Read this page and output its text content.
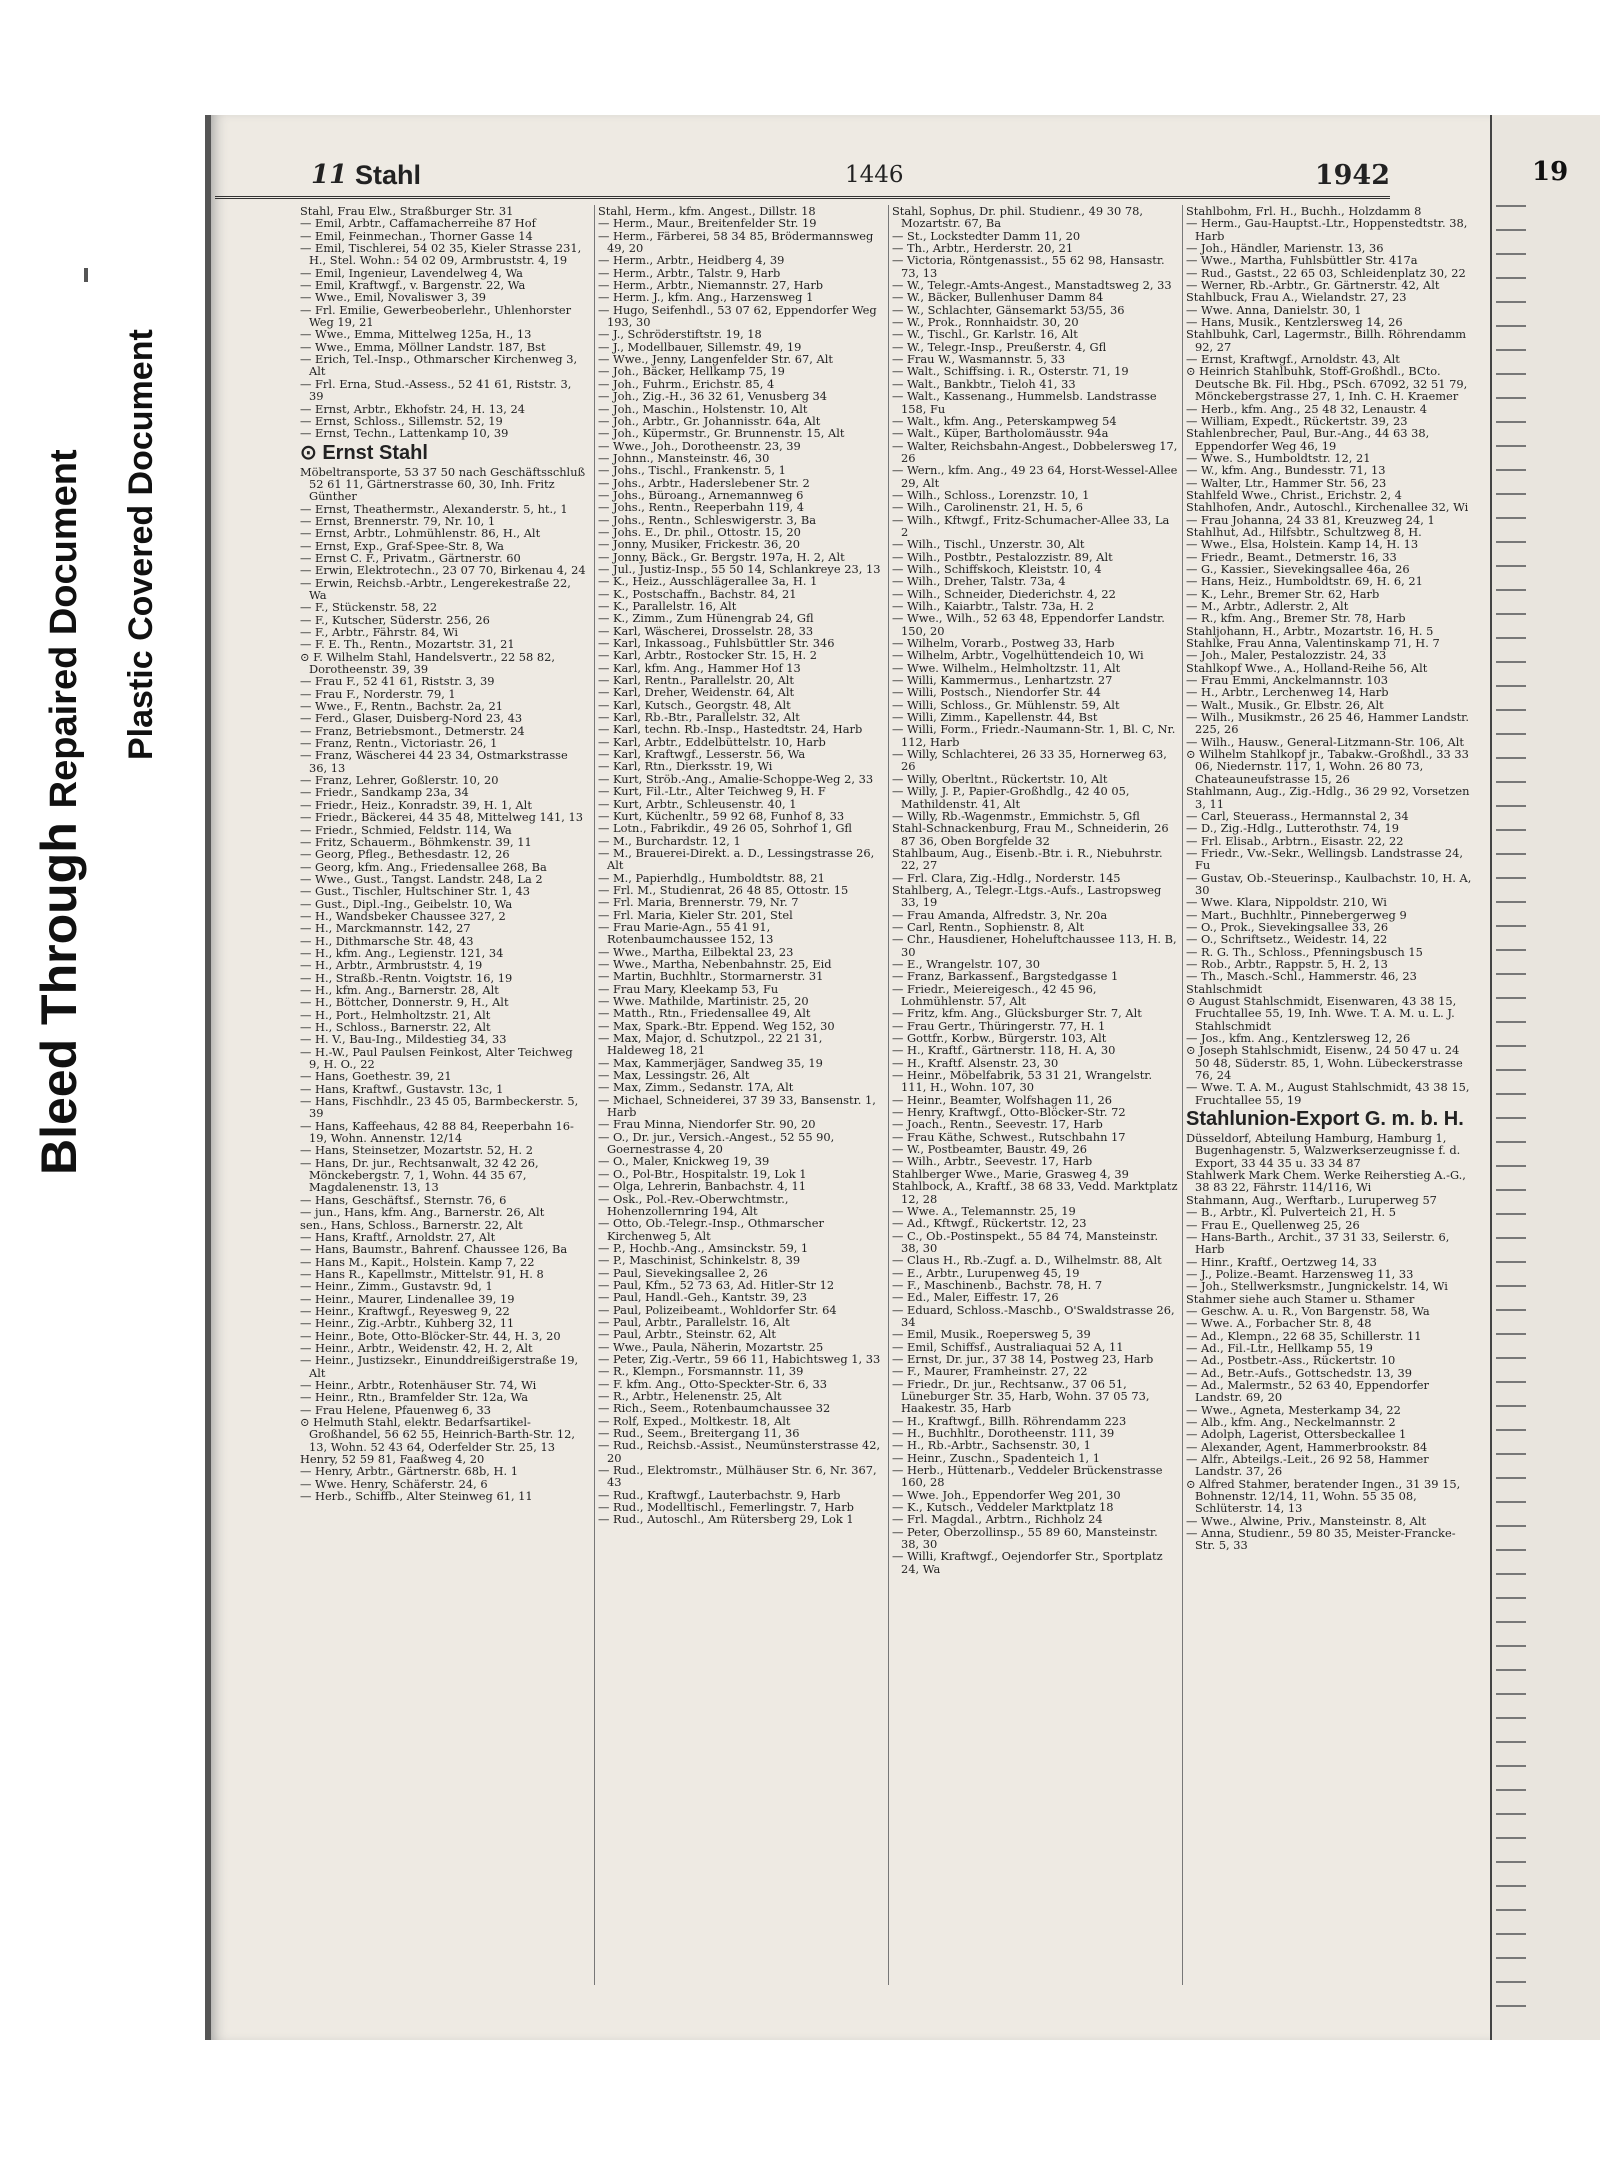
Bleed Through Repaired Document Plastic Covered Document
19
11 Stahl	1446	1942

Stahl, Frau Elw., Straßburger Str. 31

— Emil, Arbtr., Caffamacherreihe 87 Hof

— Emil, Feinmechan., Thorner Gasse 14

— Emil, Tischlerei, 54 02 35, Kieler Strasse 231, H., Stel. Wohn.: 54 02 09, Armbruststr. 4, 19

— Emil, Ingenieur, Lavendelweg 4, Wa

— Emil, Kraftwgf., v. Bargenstr. 22, Wa

— Wwe., Emil, Novaliswег 3, 39

— Frl. Emilie, Gewerbeoberlehr., Uhlenhorster Weg 19, 21

— Wwe., Emma, Mittelweg 125a, H., 13

— Wwe., Emma, Möllner Landstr. 187, Bst

— Erich, Tel.-Insp., Othmarscher Kirchenweg 3, Alt

— Frl. Erna, Stud.-Assess., 52 41 61, Riststr. 3, 39

— Ernst, Arbtr., Ekhofstr. 24, H. 13, 24

— Ernst, Schloss., Sillemstr. 52, 19

— Ernst, Techn., Lattenkamp 10, 39

⊙ Ernst Stahl

Möbeltransporte, 53 37 50 nach Geschäftsschluß 52 61 11, Gärtnerstrasse 60, 30, Inh. Fritz Günther

— Ernst, Theathermstr., Alexanderstr. 5, ht., 1

— Ernst, Brennerstr. 79, Nr. 10, 1

— Ernst, Arbtr., Lohmühlenstr. 86, H., Alt

— Ernst, Exp., Graf-Spee-Str. 8, Wa

— Ernst C. F., Privatm., Gärtnerstr. 60

— Erwin, Elektrotechn., 23 07 70, Birkenau 4, 24

— Erwin, Reichsb.-Arbtr., Lengerekestraße 22, Wa

— F., Stückenstr. 58, 22

— F., Kutscher, Süderstr. 256, 26

— F., Arbtr., Fährstr. 84, Wi

— F. E. Th., Rentn., Mozartstr. 31, 21

⊙ F. Wilhelm Stahl, Handelsvertr., 22 58 82, Dorotheenstr. 39, 39

— Frau F., 52 41 61, Riststr. 3, 39

— Frau F., Norderstr. 79, 1

— Wwe., F., Rentn., Bachstr. 2a, 21

— Ferd., Glaser, Duisberg-Nord 23, 43

— Franz, Betriebsmont., Detmerstr. 24

— Franz, Rentn., Victoriastr. 26, 1

— Franz, Wäscherei 44 23 34, Ostmarkstrasse 36, 13

— Franz, Lehrer, Goßlerstr. 10, 20

— Friedr., Sandkamp 23a, 34

— Friedr., Heiz., Konradstr. 39, H. 1, Alt

— Friedr., Bäckerei, 44 35 48, Mittelweg 141, 13

— Friedr., Schmied, Feldstr. 114, Wa

— Fritz, Schauerm., Böhmkenstr. 39, 11

— Georg, Pfleg., Bethesdastr. 12, 26

— Georg, kfm. Ang., Friedensallee 268, Ba

— Wwe., Gust., Tangst. Landstr. 248, La 2

— Gust., Tischler, Hultschiner Str. 1, 43

— Gust., Dipl.-Ing., Geibelstr. 10, Wa

— H., Wandsbeker Chaussee 327, 2

— H., Marckmannstr. 142, 27

— H., Dithmarsche Str. 48, 43

— H., kfm. Ang., Legienstr. 121, 34

— H., Arbtr., Armbruststr. 4, 19

— H., Straßb.-Rentn. Voigtstr. 16, 19

— H., kfm. Ang., Barnerstr. 28, Alt

— H., Böttcher, Donnerstr. 9, H., Alt

— H., Port., Helmholtzstr. 21, Alt

— H., Schloss., Barnerstr. 22, Alt

— H. V., Bau-Ing., Mildestieg 34, 33

— H.-W., Paul Paulsen Feinkost, Alter Teichweg 9, H. O., 22

— Hans, Goethestr. 39, 21

— Hans, Kraftwf., Gustavstr. 13c, 1

— Hans, Fischhdlr., 23 45 05, Barmbeckerstr. 5, 39

— Hans, Kaffeehaus, 42 88 84, Reeperbahn 16-19, Wohn. Annenstr. 12/14

— Hans, Steinsetzer, Mozartstr. 52, H. 2

— Hans, Dr. jur., Rechtsanwalt, 32 42 26, Mönckebergstr. 7, 1, Wohn. 44 35 67, Magdalenenstr. 13, 13

— Hans, Geschäftsf., Sternstr. 76, 6

— jun., Hans, kfm. Ang., Barnerstr. 26, Alt

sen., Hans, Schloss., Barnerstr. 22, Alt

— Hans, Kraftf., Arnoldstr. 27, Alt

— Hans, Baumstr., Bahrenf. Chaussee 126, Ba

— Hans M., Kapit., Holstein. Kamp 7, 22

— Hans R., Kapellmstr., Mittelstr. 91, H. 8

— Heinr., Zimm., Gustavstr. 9d, 1

— Heinr., Maurer, Lindenallee 39, 19

— Heinr., Kraftwgf., Reyesweg 9, 22

— Heinr., Zig.-Arbtr., Kuhberg 32, 11

— Heinr., Bote, Otto-Blöcker-Str. 44, H. 3, 20

— Heinr., Arbtr., Weidenstr. 42, H. 2, Alt

— Heinr., Justizsekr., Einunddreißigerstraße 19, Alt

— Heinr., Arbtr., Rotenhäuser Str. 74, Wi

— Heinr., Rtn., Bramfelder Str. 12a, Wa

— Frau Helene, Pfauenweg 6, 33

⊙ Helmuth Stahl, elektr. Bedarfsartikel-Großhandel, 56 62 55, Heinrich-Barth-Str. 12, 13, Wohn. 52 43 64, Oderfelder Str. 25, 13

Henry, 52 59 81, Faaßweg 4, 20

— Henry, Arbtr., Gärtnerstr. 68b, H. 1

— Wwe. Henry, Schäferstr. 24, 6

— Herb., Schiffb., Alter Steinweg 61, 11

Stahl, Herm., kfm. Angest., Dillstr. 18

— Herm., Maur., Breitenfelder Str. 19

— Herm., Färberei, 58 34 85, Brödermannsweg 49, 20

— Herm., Arbtr., Heidberg 4, 39

— Herm., Arbtr., Talstr. 9, Harb

— Herm., Arbtr., Niemannstr. 27, Harb

— Herm. J., kfm. Ang., Harzensweg 1

— Hugo, Seifenhdl., 53 07 62, Eppendorfer Weg 193, 30

— J., Schröderstiftstr. 19, 18

— J., Modellbauer, Sillemstr. 49, 19

— Wwe., Jenny, Langenfelder Str. 67, Alt

— Joh., Bäcker, Hellkamp 75, 19

— Joh., Fuhrm., Erichstr. 85, 4

— Joh., Zig.-H., 36 32 61, Venusberg 34

— Joh., Maschin., Holstenstr. 10, Alt

— Joh., Arbtr., Gr. Johannisstr. 64a, Alt

— Joh., Küpermstr., Gr. Brunnenstr. 15, Alt

— Wwe., Joh., Dorotheenstr. 23, 39

— Johnn., Mansteinstr. 46, 30

— Johs., Tischl., Frankenstr. 5, 1

— Johs., Arbtr., Haderslebener Str. 2

— Johs., Büroang., Arnemannweg 6

— Johs., Rentn., Reeperbahn 119, 4

— Johs., Rentn., Schleswigerstr. 3, Ba

— Johs. E., Dr. phil., Ottostr. 15, 20

— Jonny, Musiker, Frickestr. 36, 20

— Jonny, Bäck., Gr. Bergstr. 197a, H. 2, Alt

— Jul., Justiz-Insp., 55 50 14, Schlankreye 23, 13

— K., Heiz., Ausschlägerallee 3a, H. 1

— K., Postschaffn., Bachstr. 84, 21

— K., Parallelstr. 16, Alt

— K., Zimm., Zum Hünengrab 24, Gfl

— Karl, Wäscherei, Drosselstr. 28, 33

— Karl, Inkassoag., Fuhlsbüttler Str. 346

— Karl, Arbtr., Rostocker Str. 15, H. 2

— Karl, kfm. Ang., Hammer Hof 13

— Karl, Rentn., Parallelstr. 20, Alt

— Karl, Dreher, Weidenstr. 64, Alt

— Karl, Kutsch., Georgstr. 48, Alt

— Karl, Rb.-Btr., Parallelstr. 32, Alt

— Karl, techn. Rb.-Insp., Hastedtstr. 24, Harb

— Karl, Arbtr., Eddelbüttelstr. 10, Harb

— Karl, Kraftwgf., Lesserstr. 56, Wa

— Karl, Rtn., Dierksstr. 19, Wi

— Kurt, Ströb.-Ang., Amalie-Schoppe-Weg 2, 33

— Kurt, Fil.-Ltr., Alter Teichweg 9, H. F

— Kurt, Arbtr., Schleusenstr. 40, 1

— Kurt, Küchenltr., 59 92 68, Funhof 8, 33

— Lotn., Fabrikdir., 49 26 05, Sohrhof 1, Gfl

— M., Burchardstr. 12, 1

— M., Brauerei-Direkt. a. D., Lessingstrasse 26, Alt

— M., Papierhdlg., Humboldtstr. 88, 21

— Frl. M., Studienrat, 26 48 85, Ottostr. 15

— Frl. Maria, Brennerstr. 79, Nr. 7

— Frl. Maria, Kieler Str. 201, Stel

— Frau Marie-Agn., 55 41 91, Rotenbaumchaussee 152, 13

— Wwe., Martha, Eilbektal 23, 23

— Wwe., Martha, Nebenbahnstr. 25, Eid

— Martin, Buchhltr., Stormarnerstr. 31

— Frau Mary, Kleekamp 53, Fu

— Wwe. Mathilde, Martinistr. 25, 20

— Matth., Rtn., Friedensallee 49, Alt

— Max, Spark.-Btr. Eppend. Weg 152, 30

— Max, Major, d. Schutzpol., 22 21 31, Haldeweg 18, 21

— Max, Kammerjäger, Sandweg 35, 19

— Max, Lessingstr. 26, Alt

— Max, Zimm., Sedanstr. 17A, Alt

— Michael, Schneiderei, 37 39 33, Bansenstr. 1, Harb

— Frau Minna, Niendorfer Str. 90, 20

— O., Dr. jur., Versich.-Angest., 52 55 90, Goernestrasse 4, 20

— O., Maler, Knickweg 19, 39

— O., Pol-Btr., Hospitalstr. 19, Lok 1

— Olga, Lehrerin, Banbachstr. 4, 11

— Osk., Pol.-Rev.-Oberwchtmstr., Hohenzollernring 194, Alt

— Otto, Ob.-Telegr.-Insp., Othmarscher Kirchenweg 5, Alt

— P., Hochb.-Ang., Amsinckstr. 59, 1

— P., Maschinist, Schinkelstr. 8, 39

— Paul, Sievekingsallee 2, 26

— Paul, Kfm., 52 73 63, Ad. Hitler-Str 12

— Paul, Handl.-Geh., Kantstr. 39, 23

— Paul, Polizeibeamt., Wohldorfer Str. 64

— Paul, Arbtr., Parallelstr. 16, Alt

— Paul, Arbtr., Steinstr. 62, Alt

— Wwe., Paula, Näherin, Mozartstr. 25

— Peter, Zig.-Vertr., 59 66 11, Habichtsweg 1, 33

— R., Klempn., Forsmannstr. 11, 39

— F. kfm. Ang., Otto-Speckter-Str. 6, 33

— R., Arbtr., Helenenstr. 25, Alt

— Rich., Seem., Rotenbaumchaussee 32

— Rolf, Exped., Moltkestr. 18, Alt

— Rud., Seem., Breitergang 11, 36

— Rud., Reichsb.-Assist., Neumünsterstrasse 42, 20

— Rud., Elektromstr., Mülhäuser Str. 6, Nr. 367, 43

— Rud., Kraftwgf., Lauterbachstr. 9, Harb

— Rud., Modelltischl., Femerlingstr. 7, Harb

— Rud., Autoschl., Am Rütersberg 29, Lok 1

Stahl, Sophus, Dr. phil. Studienr., 49 30 78, Mozartstr. 67, Ba

— St., Lockstedter Damm 11, 20

— Th., Arbtr., Herderstr. 20, 21

— Victoria, Röntgenassist., 55 62 98, Hansastr. 73, 13

— W., Telegr.-Amts-Angest., Manstadtsweg 2, 33

— W., Bäcker, Bullenhuser Damm 84

— W., Schlachter, Gänsemarkt 53/55, 36

— W., Prok., Ronnhaidstr. 30, 20

— W., Tischl., Gr. Karlstr. 16, Alt

— W., Telegr.-Insp., Preußerstr. 4, Gfl

— Frau W., Wasmannstr. 5, 33

— Walt., Schiffsing. i. R., Osterstr. 71, 19

— Walt., Bankbtr., Tieloh 41, 33

— Walt., Kassenang., Hummelsb. Landstrasse 158, Fu

— Walt., kfm. Ang., Peterskampweg 54

— Walt., Küper, Bartholomäusstr. 94a

— Walter, Reichsbahn-Angest., Dobbelersweg 17, 26

— Wern., kfm. Ang., 49 23 64, Horst-Wessel-Allee 29, Alt

— Wilh., Schloss., Lorenzstr. 10, 1

— Wilh., Carolinenstr. 21, H. 5, 6

— Wilh., Kftwgf., Fritz-Schumacher-Allee 33, La 2

— Wilh., Tischl., Unzerstr. 30, Alt

— Wilh., Postbtr., Pestalozzistr. 89, Alt

— Wilh., Schiffskoch, Kleiststr. 10, 4

— Wilh., Dreher, Talstr. 73a, 4

— Wilh., Schneider, Diederichstr. 4, 22

— Wilh., Kaiarbtr., Talstr. 73a, H. 2

— Wwe., Wilh., 52 63 48, Eppendorfer Landstr. 150, 20

— Wilhelm, Vorarb., Postweg 33, Harb

— Wilhelm, Arbtr., Vogelhüttendeich 10, Wi

— Wwe. Wilhelm., Helmholtzstr. 11, Alt

— Willi, Kammermus., Lenhartzstr. 27

— Willi, Postsch., Niendorfer Str. 44

— Willi, Schloss., Gr. Mühlenstr. 59, Alt

— Willi, Zimm., Kapellenstr. 44, Bst

— Willi, Form., Friedr.-Naumann-Str. 1, Bl. C, Nr. 112, Harb

— Willy, Schlachterei, 26 33 35, Hornerweg 63, 26

— Willy, Oberltnt., Rückertstr. 10, Alt

— Willy, J. P., Papier-Großhdlg., 42 40 05, Mathildenstr. 41, Alt

— Willy, Rb.-Wagenmstr., Emmichstr. 5, Gfl

Stahl-Schnackenburg, Frau M., Schneiderin, 26 87 36, Oben Borgfelde 32

Stahlbaum, Aug., Eisenb.-Btr. i. R., Niebuhrstr. 22, 27

— Frl. Clara, Zig.-Hdlg., Norderstr. 145

Stahlberg, A., Telegr.-Ltgs.-Aufs., Lastropsweg 33, 19

— Frau Amanda, Alfredstr. 3, Nr. 20a

— Carl, Rentn., Sophienstr. 8, Alt

— Chr., Hausdiener, Hoheluftchaussee 113, H. B, 30

— E., Wrangelstr. 107, 30

— Franz, Barkassenf., Bargstedgasse 1

— Friedr., Meiereigesch., 42 45 96, Lohmühlenstr. 57, Alt

— Fritz, kfm. Ang., Glücksburger Str. 7, Alt

— Frau Gertr., Thüringerstr. 77, H. 1

— Gottfr., Korbw., Bürgerstr. 103, Alt

— H., Kraftf., Gärtnerstr. 118, H. A, 30

— H., Kraftf. Alsenstr. 23, 30

— Heinr., Möbelfabrik, 53 31 21, Wrangelstr. 111, H., Wohn. 107, 30

— Heinr., Beamter, Wolfshagen 11, 26

— Henry, Kraftwgf., Otto-Blöcker-Str. 72

— Joach., Rentn., Seevestr. 17, Harb

— Frau Käthe, Schwest., Rutschbahn 17

— W., Postbeamter, Baustr. 49, 26

— Wilh., Arbtr., Seevestr. 17, Harb

Stahlberger Wwe., Marie, Grasweg 4, 39

Stahlbock, A., Kraftf., 38 68 33, Vedd. Marktplatz 12, 28

— Wwe. A., Telemannstr. 25, 19

— Ad., Kftwgf., Rückertstr. 12, 23

— C., Ob.-Postinspekt., 55 84 74, Mansteinstr. 38, 30

— Claus H., Rb.-Zugf. a. D., Wilhelmstr. 88, Alt

— E., Arbtr., Lurupenweg 45, 19

— F., Maschinenb., Bachstr. 78, H. 7

— Ed., Maler, Eiffestr. 17, 26

— Eduard, Schloss.-Maschb., O'Swaldstrasse 26, 34

— Emil, Musik., Roepersweg 5, 39

— Emil, Schiffsf., Australiaquai 52 A, 11

— Ernst, Dr. jur., 37 38 14, Postweg 23, Harb

— F., Maurer, Framheinstr. 27, 22

— Friedr., Dr. jur., Rechtsanw., 37 06 51, Lüneburger Str. 35, Harb, Wohn. 37 05 73, Haakestr. 35, Harb

— H., Kraftwgf., Billh. Röhrendamm 223

— H., Buchhltr., Dorotheenstr. 111, 39

— H., Rb.-Arbtr., Sachsenstr. 30, 1

— Heinr., Zuschn., Spadenteich 1, 1

— Herb., Hüttenarb., Veddeler Brückenstrasse 160, 28

— Wwe. Joh., Eppendorfer Weg 201, 30

— K., Kutsch., Veddeler Marktplatz 18

— Frl. Magdal., Arbtrn., Richholz 24

— Peter, Oberzollinsp., 55 89 60, Mansteinstr. 38, 30

— Willi, Kraftwgf., Oejendorfer Str., Sportplatz 24, Wa

Stahlbohm, Frl. H., Buchh., Holzdamm 8

— Herm., Gau-Hauptst.-Ltr., Hoppenstedtstr. 38, Harb

— Joh., Händler, Marienstr. 13, 36

— Wwe., Martha, Fuhlsbüttler Str. 417a

— Rud., Gastst., 22 65 03, Schleidenplatz 30, 22

— Werner, Rb.-Arbtr., Gr. Gärtnerstr. 42, Alt

Stahlbuck, Frau A., Wielandstr. 27, 23

— Wwe. Anna, Danielstr. 30, 1

— Hans, Musik., Kentzlersweg 14, 26

Stahlbuhk, Carl, Lagermstr., Billh. Röhrendamm 92, 27

— Ernst, Kraftwgf., Arnoldstr. 43, Alt

⊙ Heinrich Stahlbuhk, Stoff-Großhdl., BCto. Deutsche Bk. Fil. Hbg., PSch. 67092, 32 51 79, Mönckebergstrasse 27, 1, Inh. C. H. Kraemer

— Herb., kfm. Ang., 25 48 32, Lenaustr. 4

— William, Expedt., Rückertstr. 39, 23

Stahlenbrecher, Paul, Bur.-Ang., 44 63 38, Eppendorfer Weg 46, 19

— Wwe. S., Humboldtstr. 12, 21

— W., kfm. Ang., Bundesstr. 71, 13

— Walter, Ltr., Hammer Str. 56, 23

Stahlfeld Wwe., Christ., Erichstr. 2, 4

Stahlhofen, Andr., Autoschl., Kirchenallee 32, Wi

— Frau Johanna, 24 33 81, Kreuzweg 24, 1

Stahlhut, Ad., Hilfsbtr., Schultzweg 8, H.

— Wwe., Elsa, Holstein. Kamp 14, H. 13

— Friedr., Beamt., Detmerstr. 16, 33

— G., Kassier., Sievekingsallee 46a, 26

— Hans, Heiz., Humboldtstr. 69, H. 6, 21

— K., Lehr., Bremer Str. 62, Harb

— M., Arbtr., Adlerstr. 2, Alt

— R., kfm. Ang., Bremer Str. 78, Harb

Stahljohann, H., Arbtr., Mozartstr. 16, H. 5

Stahlke, Frau Anna, Valentinskamp 71, H. 7

— Joh., Maler, Pestalozzistr. 24, 33

Stahlkopf Wwe., A., Holland-Reihe 56, Alt

— Frau Emmi, Anckelmannstr. 103

— H., Arbtr., Lerchenweg 14, Harb

— Walt., Musik., Gr. Elbstr. 26, Alt

— Wilh., Musikmstr., 26 25 46, Hammer Landstr. 225, 26

— Wilh., Hausw., General-Litzmann-Str. 106, Alt

⊙ Wilhelm Stahlkopf jr., Tabakw.-Großhdl., 33 33 06, Niedernstr. 117, 1, Wohn. 26 80 73, Chateauneufstrasse 15, 26

Stahlmann, Aug., Zig.-Hdlg., 36 29 92, Vorsetzen 3, 11

— Carl, Steuerass., Hermannstal 2, 34

— D., Zig.-Hdlg., Lutterothstr. 74, 19

— Frl. Elisab., Arbtrn., Eisastr. 22, 22

— Friedr., Vw.-Sekr., Wellingsb. Landstrasse 24, Fu

— Gustav, Ob.-Steuerinsp., Kaulbachstr. 10, H. A, 30

— Wwe. Klara, Nippoldstr. 210, Wi

— Mart., Buchhltr., Pinnebergerweg 9

— O., Prok., Sievekingsallee 33, 26

— O., Schriftsetz., Weidestr. 14, 22

— R. G. Th., Schloss., Pfenningsbusch 15

— Rob., Arbtr., Rappstr. 5, H. 2, 13

— Th., Masch.-Schl., Hammerstr. 46, 23

Stahlschmidt

⊙ August Stahlschmidt, Eisenwaren, 43 38 15, Fruchtallee 55, 19, Inh. Wwe. T. A. M. u. L. J. Stahlschmidt

— Jos., kfm. Ang., Kentzlersweg 12, 26

⊙ Joseph Stahlschmidt, Eisenw., 24 50 47 u. 24 50 48, Süderstr. 85, 1, Wohn. Lübeckerstrasse 76, 24

— Wwe. T. A. M., August Stahlschmidt, 43 38 15, Fruchtallee 55, 19

Stahlunion-Export G. m. b. H.

Düsseldorf, Abteilung Hamburg, Hamburg 1, Bugenhagenstr. 5, Walzwerkserzeugnisse f. d. Export, 33 44 35 u. 33 34 87

Stahlwerk Mark Chem. Werke Reiherstieg A.-G., 38 83 22, Fährstr. 114/116, Wi

Stahmann, Aug., Werftarb., Luruperweg 57

— B., Arbtr., Kl. Pulverteich 21, H. 5

— Frau E., Quellenweg 25, 26

— Hans-Barth., Archit., 37 31 33, Seilerstr. 6, Harb

— Hinr., Kraftf., Oertzweg 14, 33

— J., Polize.-Beamt. Harzensweg 11, 33

— Joh., Stellwerksmstr., Jungnickelstr. 14, Wi

Stahmer siehe auch Stamer u. Sthamer

— Geschw. A. u. R., Von Bargenstr. 58, Wa

— Wwe. A., Forbacher Str. 8, 48

— Ad., Klempn., 22 68 35, Schillerstr. 11

— Ad., Fil.-Ltr., Hellkamp 55, 19

— Ad., Postbetr.-Ass., Rückertstr. 10

— Ad., Betr.-Aufs., Gottschedstr. 13, 39

— Ad., Malermstr., 52 63 40, Eppendorfer Landstr. 69, 20

— Wwe., Agneta, Mesterkamp 34, 22

— Alb., kfm. Ang., Neckelmannstr. 2

— Adolph, Lagerist, Ottersbeckallee 1

— Alexander, Agent, Hammerbrookstr. 84

— Alfr., Abteilgs.-Leit., 26 92 58, Hammer Landstr. 37, 26

⊙ Alfred Stahmer, beratender Ingen., 31 39 15, Bohnenstr. 12/14, 11, Wohn. 55 35 08, Schlüterstr. 14, 13

— Wwe., Alwine, Priv., Mansteinstr. 8, Alt

— Anna, Studienr., 59 80 35, Meister-Francke-Str. 5, 33
